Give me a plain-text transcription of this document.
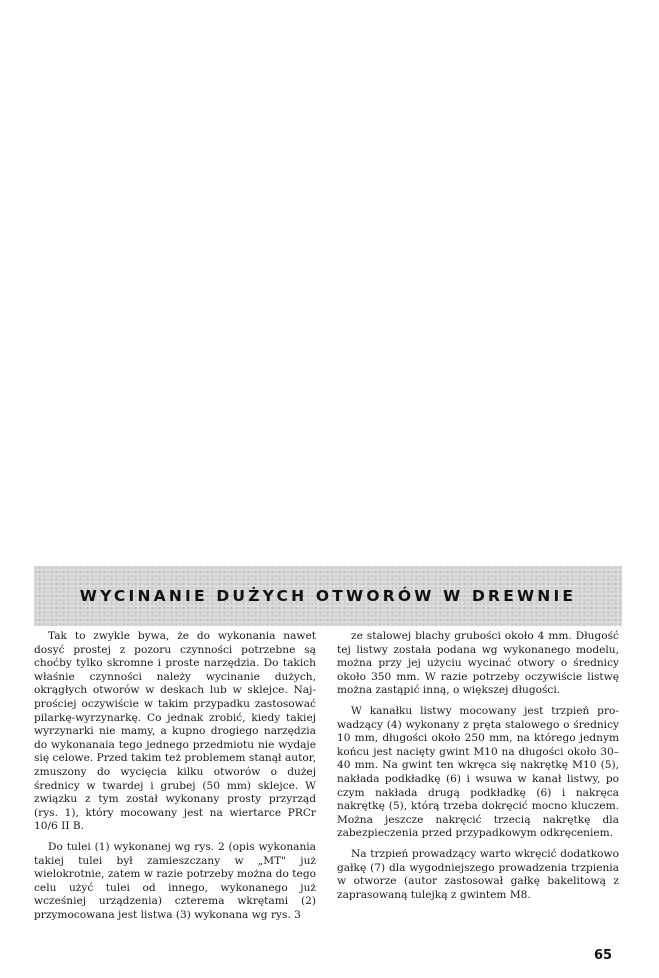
WYCINANIE DUŻYCH OTWORÓW W DREWNIE

Tak to zwykle bywa, że do wykonania nawet dosyć prostej z pozoru czynności potrzebne są choćby tylko skromne i proste narzędzia. Do takich właśnie czynności należy wycinanie dużych, okrągłych otworów w deskach lub w sklejce. Najprościej oczywiście w takim przypadku zastosować pilarkę-wyrzynarkę. Co jednak zrobić, kiedy takiej wyrzynarki nie mamy, a kupno drogiego narzędzia do wykonanaia tego jednego przedmiotu nie wydaje się celowe. Przed takim też problemem stanął autor, zmuszony do wycięcia kilku otworów o dużej średnicy w twardej i grubej (50 mm) sklejce. W związku z tym został wykonany prosty przyrząd (rys. 1), który mocowany jest na wiertarce PRCr 10/6 II B.

Do tulei (1) wykonanej wg rys. 2 (opis wykonania takiej tulei był zamieszczany w „MT" już wielokrotnie, zatem w razie potrzeby można do tego celu użyć tulei od innego, wykonanego już wcześniej urządzenia) czterema wkrętami (2) przymocowana jest listwa (3) wykonana wg rys. 3

ze stalowej blachy grubości około 4 mm. Długość tej listwy została podana wg wykonanego modelu, można przy jej użyciu wycinać otwory o średnicy około 350 mm. W razie potrzeby oczywiście listwę można zastąpić inną, o większej długości.

W kanałku listwy mocowany jest trzpień prowadzący (4) wykonany z pręta stalowego o średnicy 10 mm, długości około 250 mm, na którego jednym końcu jest nacięty gwint M10 na długości około 30–40 mm. Na gwint ten wkręca się nakrętkę M10 (5), nakłada podkładkę (6) i wsuwa w kanał listwy, po czym nakłada drugą podkładkę (6) i nakręca nakrętkę (5), którą trzeba dokręcić mocno kluczem. Można jeszcze nakręcić trzecią nakrętkę dla zabezpieczenia przed przypadkowym odkręceniem.

Na trzpień prowadzący warto wkręcić dodatkowo gałkę (7) dla wygodniejszego prowadzenia trzpienia w otworze (autor zastosował gałkę bakelitową z zaprasowaną tulejką z gwintem M8.

65
